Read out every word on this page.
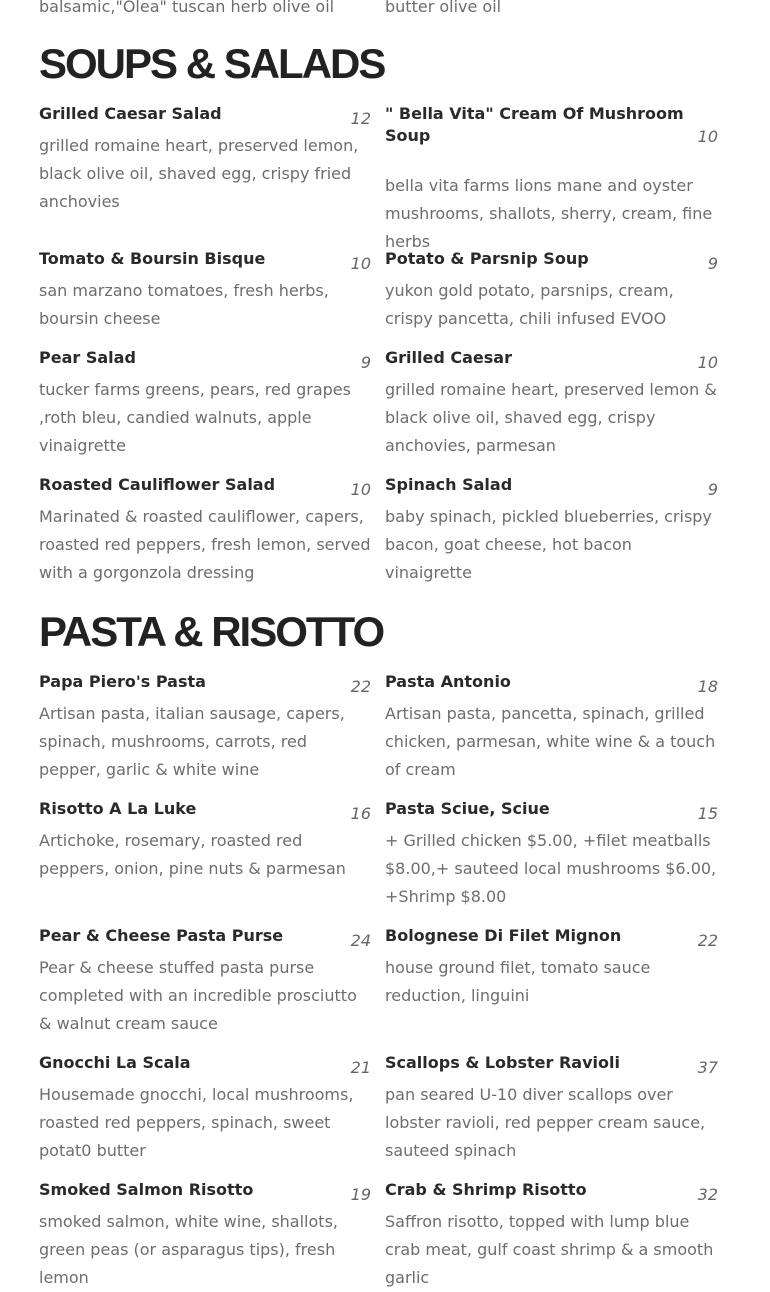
balsamic,"Olea" tuscan herb olive oil	butter olive oil
SOUPS & SALADS
Grilled Caesar Salad	12
grilled romaine heart, preserved lemon, black olive oil, shaved egg, crispy fried anchovies
" Bella Vita" Cream Of Mushroom Soup	10
bella vita farms lions mane and oyster mushrooms, shallots, sherry, cream, fine herbs
Tomato & Boursin Bisque	10
san marzano tomatoes, fresh herbs, boursin cheese
Potato & Parsnip Soup	9
yukon gold potato, parsnips, cream, crispy pancetta, chili infused EVOO
Pear Salad	9
tucker farms greens, pears, red grapes ,roth bleu, candied walnuts, apple vinaigrette
Grilled Caesar	10
grilled romaine heart, preserved lemon & black olive oil, shaved egg, crispy anchovies, parmesan
Roasted Cauliflower Salad	10
Marinated & roasted cauliflower, capers, roasted red peppers, fresh lemon, served with a gorgonzola dressing
Spinach Salad	9
baby spinach, pickled blueberries, crispy bacon, goat cheese, hot bacon vinaigrette
PASTA & RISOTTO
Papa Piero's Pasta	22
Artisan pasta, italian sausage, capers, spinach, mushrooms, carrots, red pepper, garlic & white wine
Pasta Antonio	18
Artisan pasta, pancetta, spinach, grilled chicken, parmesan, white wine & a touch of cream
Risotto A La Luke	16
Artichoke, rosemary, roasted red peppers, onion, pine nuts & parmesan
Pasta Sciue, Sciue	15
+ Grilled chicken $5.00, +filet meatballs $8.00,+ sauteed local mushrooms $6.00, +Shrimp $8.00
Pear & Cheese Pasta Purse	24
Pear & cheese stuffed pasta purse completed with an incredible prosciutto & walnut cream sauce
Bolognese Di Filet Mignon	22
house ground filet, tomato sauce reduction, linguini
Gnocchi La Scala	21
Housemade gnocchi, local mushrooms, roasted red peppers, spinach, sweet potat0 butter
Scallops & Lobster Ravioli	37
pan seared U-10 diver scallops over lobster ravioli, red pepper cream sauce, sauteed spinach
Smoked Salmon Risotto	19
smoked salmon, white wine, shallots, green peas (or asparagus tips), fresh lemon
Crab & Shrimp Risotto	32
Saffron risotto, topped with lump blue crab meat, gulf coast shrimp & a smooth garlic
